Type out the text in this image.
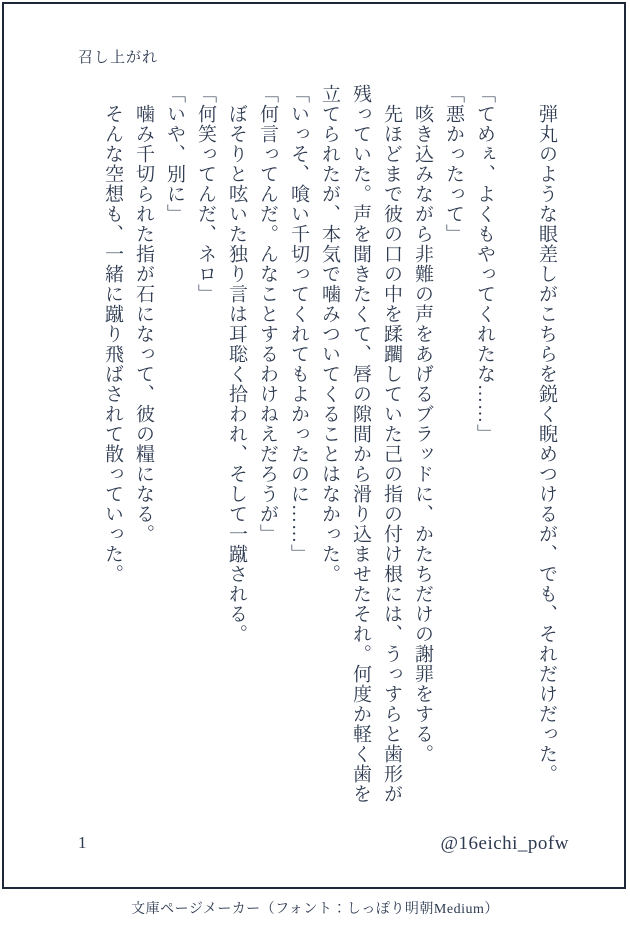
召し上がれ
弾丸のような眼差しがこちらを鋭く睨めつけるが、でも、それだけだった。

「てめぇ、よくもやってくれたな……」
「悪かったって」
咳き込みながら非難の声をあげるブラッドに、かたちだけの謝罪をする。
先ほどまで彼の口の中を蹂躙していた己の指の付け根には、うっすらと歯形が
残っていた。声を聞きたくて、唇の隙間から滑り込ませたそれ。何度か軽く歯を
立てられたが、本気で噛みついてくることはなかった。
「いっそ、喰い千切ってくれてもよかったのに……」
「何言ってんだ。んなことするわけねえだろうが」
ぼそりと呟いた独り言は耳聡く拾われ、そして一蹴される。
「何笑ってんだ、ネロ」
「いや、別に」
噛み千切られた指が石になって、彼の糧になる。
そんな空想も、一緒に蹴り飛ばされて散っていった。
1	@16eichi_pofw
文庫ページメーカー（フォント：しっぽり明朝Medium）
